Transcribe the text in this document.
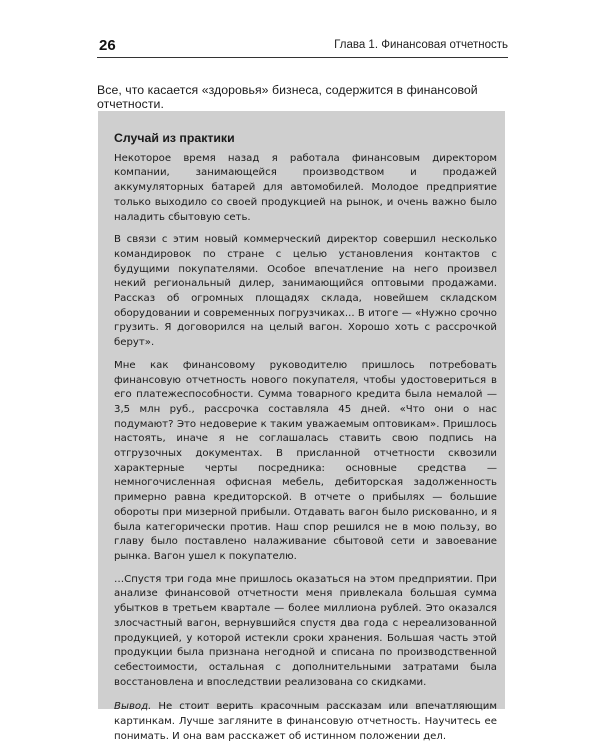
26	Глава 1. Финансовая отчетность
Все, что касается «здоровья» бизнеса, содержится в финансовой отчетности.
Случай из практики

Некоторое время назад я работала финансовым директором компании, занимающейся производством и продажей аккумуляторных батарей для автомобилей. Молодое предприятие только выходило со своей продукцией на рынок, и очень важно было наладить сбытовую сеть.

В связи с этим новый коммерческий директор совершил несколько командировок по стране с целью установления контактов с будущими покупателями. Особое впечатление на него произвел некий региональный дилер, занимающийся оптовыми продажами. Рассказ об огромных площадях склада, новейшем складском оборудовании и современных погрузчиках... В итоге — «Нужно срочно грузить. Я договорился на целый вагон. Хорошо хоть с рассрочкой берут».

Мне как финансовому руководителю пришлось потребовать финансовую отчетность нового покупателя, чтобы удостовериться в его платежеспособности. Сумма товарного кредита была немалой — 3,5 млн руб., рассрочка составляла 45 дней. «Что они о нас подумают? Это недоверие к таким уважаемым оптовикам». Пришлось настоять, иначе я не соглашалась ставить свою подпись на отгрузочных документах. В присланной отчетности сквозили характерные черты посредника: основные средства — немногочисленная офисная мебель, дебиторская задолженность примерно равна кредиторской. В отчете о прибылях — большие обороты при мизерной прибыли. Отдавать вагон было рискованно, и я была категорически против. Наш спор решился не в мою пользу, во главу было поставлено налаживание сбытовой сети и завоевание рынка. Вагон ушел к покупателю.

…Спустя три года мне пришлось оказаться на этом предприятии. При анализе финансовой отчетности меня привлекала большая сумма убытков в третьем квартале — более миллиона рублей. Это оказался злосчастный вагон, вернувшийся спустя два года с нереализованной продукцией, у которой истекли сроки хранения. Большая часть этой продукции была признана негодной и списана по производственной себестоимости, остальная с дополнительными затратами была восстановлена и впоследствии реализована со скидками.

Вывод. Не стоит верить красочным рассказам или впечатляющим картинкам. Лучше загляните в финансовую отчетность. Научитесь ее понимать. И она вам расскажет об истинном положении дел.
